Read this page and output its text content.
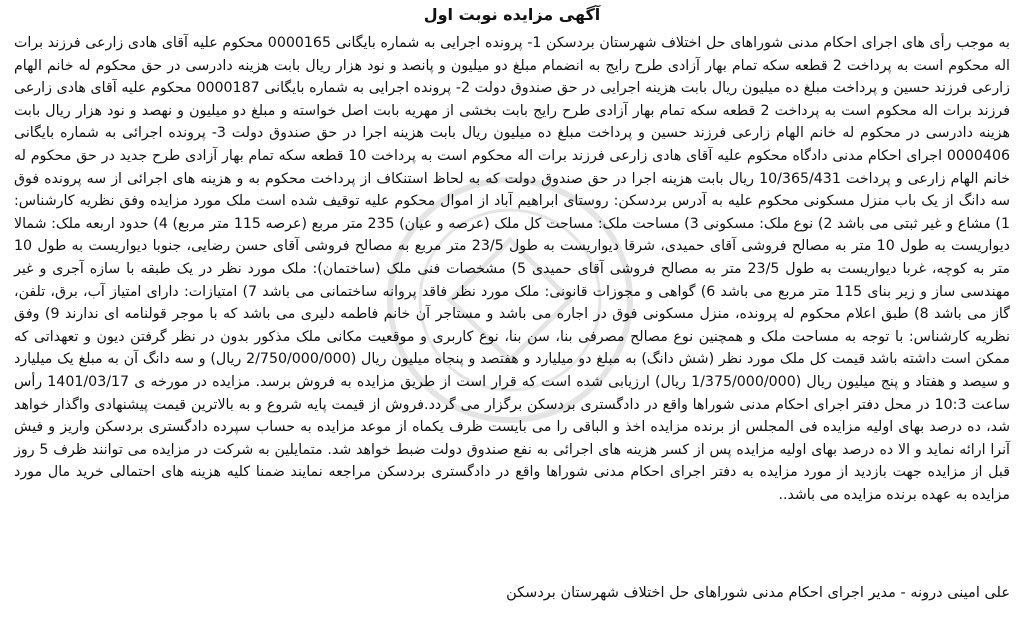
آگهی مزایده نوبت اول

به موجب رأی های اجرای احکام مدنی شوراهای حل اختلاف شهرستان بردسکن 1- پرونده اجرایی به شماره بایگانی 0000165 محکوم علیه آقای هادی زارعی فرزند برات اله محکوم است به پرداخت 2 قطعه سکه تمام بهار آزادی طرح رایج به انضمام مبلغ دو میلیون و پانصد و نود هزار ریال بابت هزینه دادرسی در حق محکوم له خانم الهام زارعی فرزند حسین و پرداخت مبلغ ده میلیون ریال بابت هزینه اجرایی در حق صندوق دولت 2- پرونده اجرایی به شماره بایگانی 0000187 محکوم علیه آقای هادی زارعی فرزند برات اله محکوم است به پرداخت 2 قطعه سکه تمام بهار آزادی طرح رایج بابت بخشی از مهریه بابت اصل خواسته و مبلغ دو میلیون و نهصد و نود هزار ریال بابت هزینه دادرسی در محکوم له خانم الهام زارعی فرزند حسین و پرداخت مبلغ ده میلیون ریال بابت هزینه اجرا در حق صندوق دولت 3- پرونده اجرائی به شماره بایگانی 0000406 اجرای احکام مدنی دادگاه محکوم علیه آقای هادی زارعی فرزند برات اله محکوم است به پرداخت 10 قطعه سکه تمام بهار آزادی طرح جدید در حق محکوم له خانم الهام زارعی و پرداخت 10/365/431 ریال بابت هزینه اجرا در حق صندوق دولت که به لحاظ استنکاف از پرداخت محکوم به و هزینه های اجرائی از سه پرونده فوق سه دانگ از یک باب منزل مسکونی محکوم علیه به آدرس بردسکن: روستای ابراهیم آباد از اموال محکوم علیه توقیف شده است ملک مورد مزایده وفق نظریه کارشناس: 1) مشاع و غیر ثبتی می باشد 2) نوع ملک: مسکونی 3) مساحت ملک: مساحت کل ملک (عرصه و عیان) 235 متر مربع (عرصه 115 متر مربع) 4) حدود اربعه ملک: شمالا دیواریست به طول 10 متر به مصالح فروشی آقای حمیدی، شرقا دیواریست به طول 23/5 متر مربع به مصالح فروشی آقای حسن رضایی، جنوبا دیواریست به طول 10 متر به کوچه، غربا دیواریست به طول 23/5 متر به مصالح فروشی آقای حمیدی 5) مشخصات فنی ملک (ساختمان): ملک مورد نظر در یک طبقه با سازه آجری و غیر مهندسی ساز و زیر بنای 115 متر مربع می باشد 6) گواهی و مجوزات قانونی: ملک مورد نظر فاقد پروانه ساختمانی می باشد 7) امتیازات: دارای امتیاز آب، برق، تلفن، گاز می باشد 8) طبق اعلام محکوم له پرونده، منزل مسکونی فوق در اجاره می باشد و مستاجر آن خانم فاطمه دلیری می باشد که با موجر قولنامه ای ندارند 9) وفق نظریه کارشناس: با توجه به مساحت ملک و همچنین نوع مصالح مصرفی بنا، سن بنا، نوع کاربری و موقعیت مکانی ملک مذکور بدون در نظر گرفتن دیون و تعهداتی که ممکن است داشته باشد قیمت کل ملک مورد نظر (شش دانگ) به مبلغ دو میلیارد و هفتصد و پنجاه میلیون ریال (2/750/000/000 ریال) و سه دانگ آن به مبلغ یک میلیارد و سیصد و هفتاد و پنج میلیون ریال (1/375/000/000 ریال) ارزیابی شده است که قرار است از طریق مزایده به فروش برسد. مزایده در مورخه ی 1401/03/17 رأس ساعت 10:3 در محل دفتر اجرای احکام مدنی شوراها واقع در دادگستری بردسکن برگزار می گردد.فروش از قیمت پایه شروع و به بالاترین قیمت پیشنهادی واگذار خواهد شد، ده درصد بهای اولیه مزایده فی المجلس از برنده مزایده اخذ و الباقی را می بایست ظرف یکماه از موعد مزایده به حساب سپرده دادگستری بردسکن واریز و فیش آنرا ارائه نماید و الا ده درصد بهای اولیه مزایده پس از کسر هزینه های اجرائی به نفع صندوق دولت ضبط خواهد شد. متمایلین به شرکت در مزایده می توانند ظرف 5 روز قبل از مزایده جهت بازدید از مورد مزایده به دفتر اجرای احکام مدنی شوراها واقع در دادگستری بردسکن مراجعه نمایند ضمنا کلیه هزینه های احتمالی خرید مال مورد مزایده به عهده برنده مزایده می باشد..

علی امینی درونه - مدیر اجرای احکام مدنی شوراهای حل اختلاف شهرستان بردسکن
